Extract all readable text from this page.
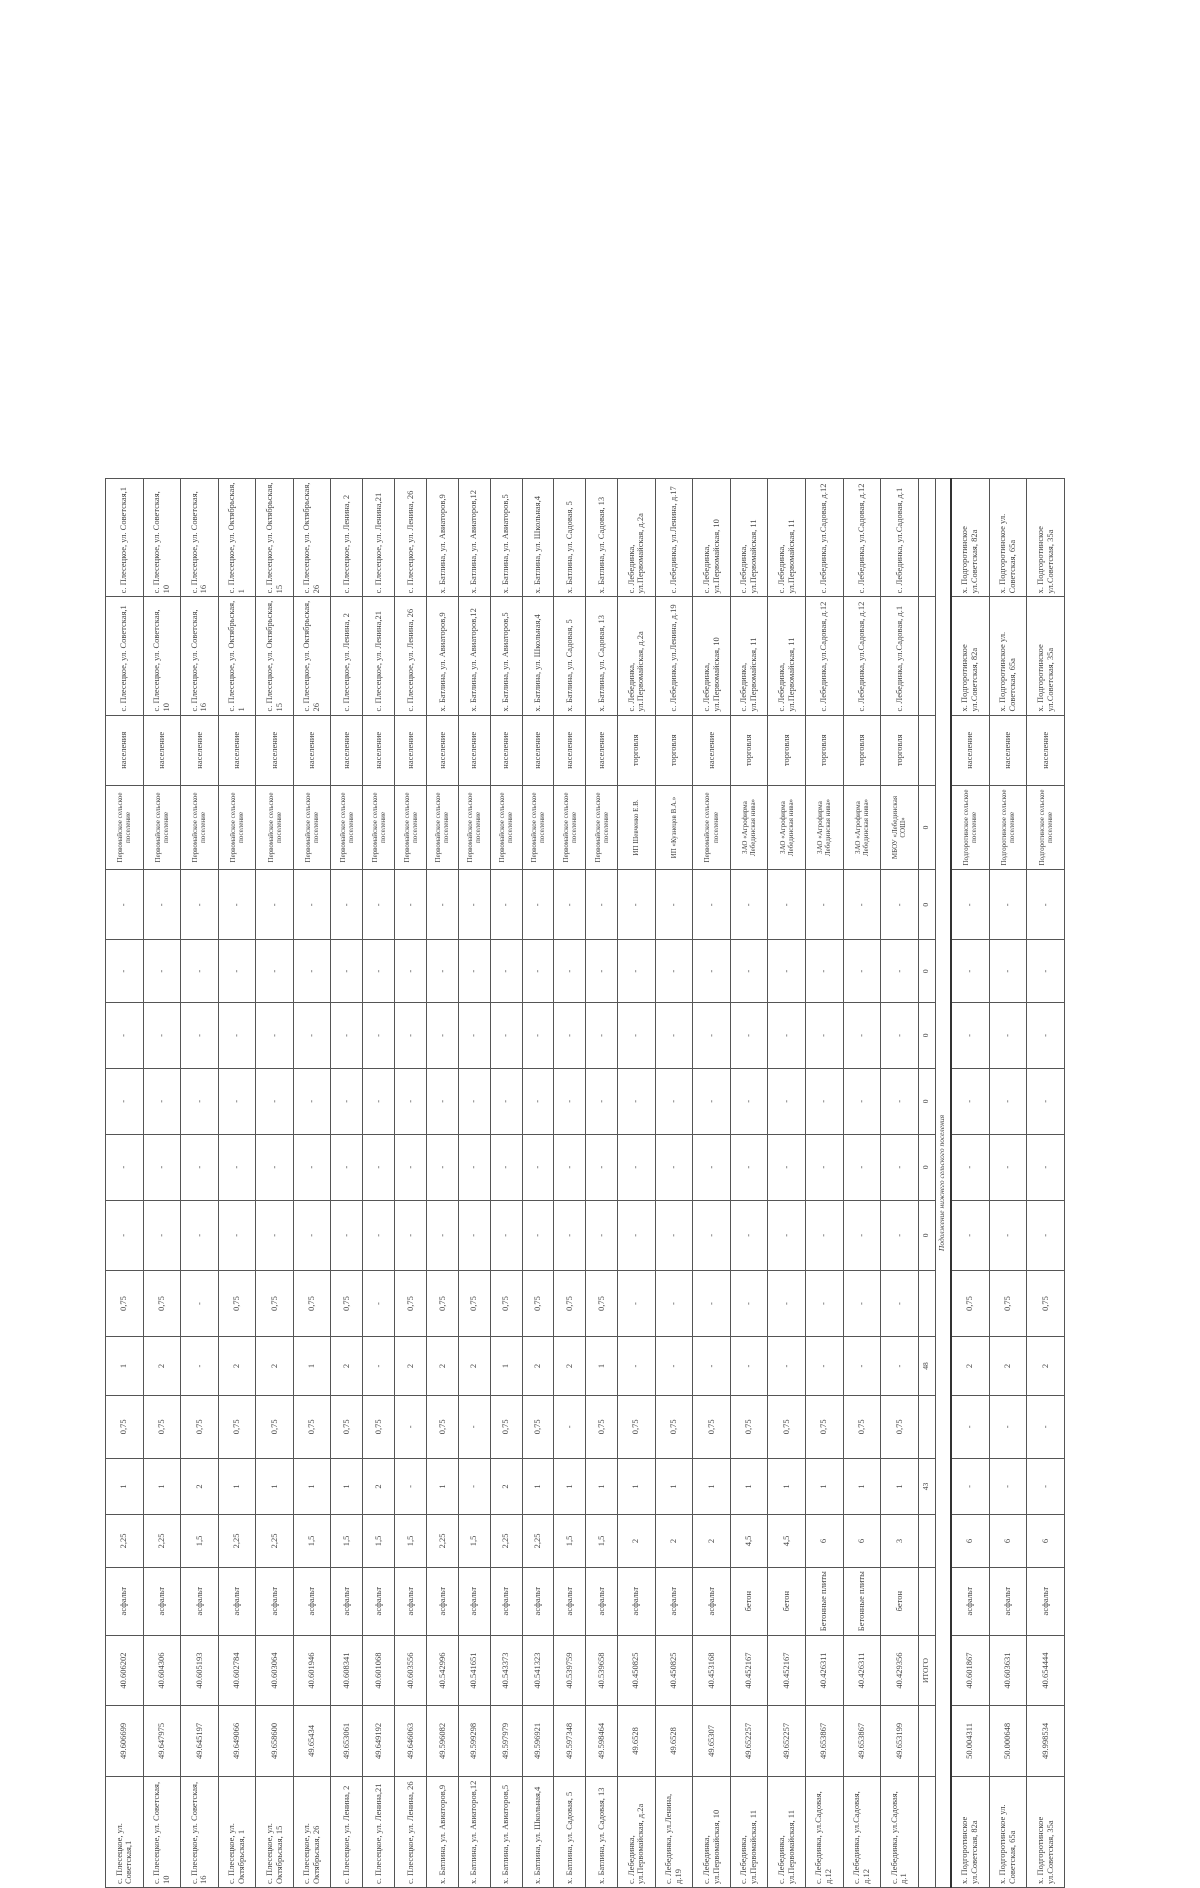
с. Плесецкое, ул. Советская,1	49.606699	40.606202	асфальт	2,25	1	0,75	1	0,75	-	-	-	-	-	-	Первомайское сельское поселение	населения	с. Плесецкое, ул. Советская,1	с. Плесецкое, ул. Советская,1
с. Плесецкое, ул. Советская, 10	49.647975	40.604306	асфальт	2,25	1	0,75	2	0,75	-	-	-	-	-	-	Первомайское сельское поселение	население	с. Плесецкое, ул. Советская, 10	с. Плесецкое, ул. Советская, 10
с. Плесецкое, ул. Советская, 16	49.645197	40.605193	асфальт	1,5	2	0,75	-	-	-	-	-	-	-	-	Первомайское сельское поселение	население	с. Плесецкое, ул. Советская, 16	с. Плесецкое, ул. Советская, 16
с. Плесецкое, ул. Октябрьская, 1	49.649066	40.602784	асфальт	2,25	1	0,75	2	0,75	-	-	-	-	-	-	Первомайское сельское поселение	население	с. Плесецкое, ул. Октябрьская, 1	с. Плесецкое, ул. Октябрьская, 1
с. Плесецкое, ул. Октябрьская, 15	49.658600	40.603064	асфальт	2,25	1	0,75	2	0,75	-	-	-	-	-	-	Первомайское сельское поселение	население	с. Плесецкое, ул. Октябрьская, 15	с. Плесецкое, ул. Октябрьская, 15
с. Плесецкое, ул. Октябрьская, 26	49.65434	40.601946	асфальт	1,5	1	0,75	1	0,75	-	-	-	-	-	-	Первомайское сельское поселение	население	с. Плесецкое, ул. Октябрьская, 26	с. Плесецкое, ул. Октябрьская, 26
с. Плесецкое, ул. Ленина, 2	49.653061	40.608341	асфальт	1,5	1	0,75	2	0,75	-	-	-	-	-	-	Первомайское сельское поселение	население	с. Плесецкое, ул. Ленина, 2	с. Плесецкое, ул. Ленина, 2
с. Плесецкое, ул. Ленина,21	49.649192	40.601068	асфальт	1,5	2	0,75	-	-	-	-	-	-	-	-	Первомайское сельское поселение	население	с. Плесецкое, ул. Ленина,21	с. Плесецкое, ул. Ленина,21
с. Плесецкое, ул. Ленина, 26	49.646063	40.603556	асфальт	1,5	-	-	2	0,75	-	-	-	-	-	-	Первомайское сельское поселение	население	с. Плесецкое, ул. Ленина, 26	с. Плесецкое, ул. Ленина, 26
х. Батлина, ул. Авиаторов,9	49.596082	40.542996	асфальт	2,25	1	0,75	2	0,75	-	-	-	-	-	-	Первомайское сельское поселение	население	х. Батлина, ул. Авиаторов,9	х. Батлина, ул. Авиаторов,9
х. Батлина, ул. Авиаторов,12	49.599298	40.541651	асфальт	1,5	-	-	2	0,75	-	-	-	-	-	-	Первомайское сельское поселение	население	х. Батлина, ул. Авиаторов,12	х. Батлина, ул. Авиаторов,12
х. Батлина, ул. Авиаторов,5	49.597979	40.543373	асфальт	2,25	2	0,75	1	0,75	-	-	-	-	-	-	Первомайское сельское поселение	население	х. Батлина, ул. Авиаторов,5	х. Батлина, ул. Авиаторов,5
х. Батлина, ул. Школьная,4	49.596921	40.541323	асфальт	2,25	1	0,75	2	0,75	-	-	-	-	-	-	Первомайское сельское поселение	население	х. Батлина, ул. Школьная,4	х. Батлина, ул. Школьная,4
х. Батлина, ул. Садовая, 5	49.597348	40.539759	асфальт	1,5	1	-	2	0,75	-	-	-	-	-	-	Первомайское сельское поселение	население	х. Батлина, ул. Садовая, 5	х. Батлина, ул. Садовая, 5
х. Батлина, ул. Садовая, 13	49.598464	40.539658	асфальт	1,5	1	0,75	1	0,75	-	-	-	-	-	-	Первомайское сельское поселение	население	х. Батлина, ул. Садовая, 13	х. Батлина, ул. Садовая, 13
с. Лебединка, ул.Первомайская, д.2а	49.6528	40.450825	асфальт	2	1	0,75	-	-	-	-	-	-	-	-	ИП Шевченко Е.В.	торговля	с. Лебединка, ул.Первомайская, д.2а	с. Лебединка, ул.Первомайская, д.2а
с. Лебединка, ул.Ленина, д.19	49.6528	40.450825	асфальт	2	1	0,75	-	-	-	-	-	-	-	-	ИП «Кузнецов В.А.»	торговля	с. Лебединка, ул.Ленина, д.19	с. Лебединка, ул.Ленина, д.17
с. Лебединка, ул.Первомайская, 10	49.65307	40.453168	асфальт	2	1	0,75	-	-	-	-	-	-	-	-	Первомайское сельское поселение	население	с. Лебединка, ул.Первомайская, 10	с. Лебединка, ул.Первомайская, 10
с. Лебединка, ул.Первомайская, 11	49.652257	40.452167	бетон	4,5	1	0,75	-	-	-	-	-	-	-	-	ЗАО «Агрофирма Лебединская нива»	торговля	с. Лебединка, ул.Первомайская, 11	с. Лебединка, ул.Первомайская, 11
с. Лебединка, ул.Первомайская, 11	49.652257	40.452167	бетон	4,5	1	0,75	-	-	-	-	-	-	-	-	ЗАО «Агрофирма Лебединская нива»	торговля	с. Лебединка, ул.Первомайская, 11	с. Лебединка, ул.Первомайская, 11
с. Лебединка, ул.Садовая, д.12	49.653867	40.426311	Бетонные плиты	6	1	0,75	-	-	-	-	-	-	-	-	ЗАО «Агрофирма Лебединская нива»	торговля	с. Лебединка, ул.Садовая, д.12	с. Лебединка, ул.Садовая, д.12
с. Лебединка, ул.Садовая, д.12	49.653867	40.426311	Бетонные плиты	6	1	0,75	-	-	-	-	-	-	-	-	ЗАО «Агрофирма Лебединская нива»	торговля	с. Лебединка, ул.Садовая, д.12	с. Лебединка, ул.Садовая, д.12
с. Лебединка, ул.Садовая, д.1	49.653199	40.429356	бетон	3	1	0,75	-	-	-	-	-	-	-	-	МБОУ «Лебединская СОШ»	торговля	с. Лебединка, ул.Садовая, д.1	с. Лебединка, ул.Садовая, д.1
		ИТОГО			43		48		0	0	0	0	0	0	0			
Подолжение нижнего сельского поселения																		
х. Подгоротинское ул.Советская, 82а	50.004311	40.601867	асфальт	6	-	-	2	0,75	-	-	-	-	-	-	Подгоротинское сельское поселение	население	х. Подгоротинское ул.Советская, 82а	х. Подгоротинское ул.Советская, 82а
х. Подгоротинское ул. Советская, 65а	50.000648	40.603631	асфальт	6	-	-	2	0,75	-	-	-	-	-	-	Подгоротинское сельское поселение	население	х. Подгоротинское ул. Советская, 65а	х. Подгоротинское ул. Советская, 65а
х. Подгоротинское ул.Советская, 35а	49.998534	40.654444	асфальт	6	-	-	2	0,75	-	-	-	-	-	-	Подгоротинское сельское поселение	население	х. Подгоротинское ул.Советская, 35а	х. Подгоротинское ул.Советская, 35а
